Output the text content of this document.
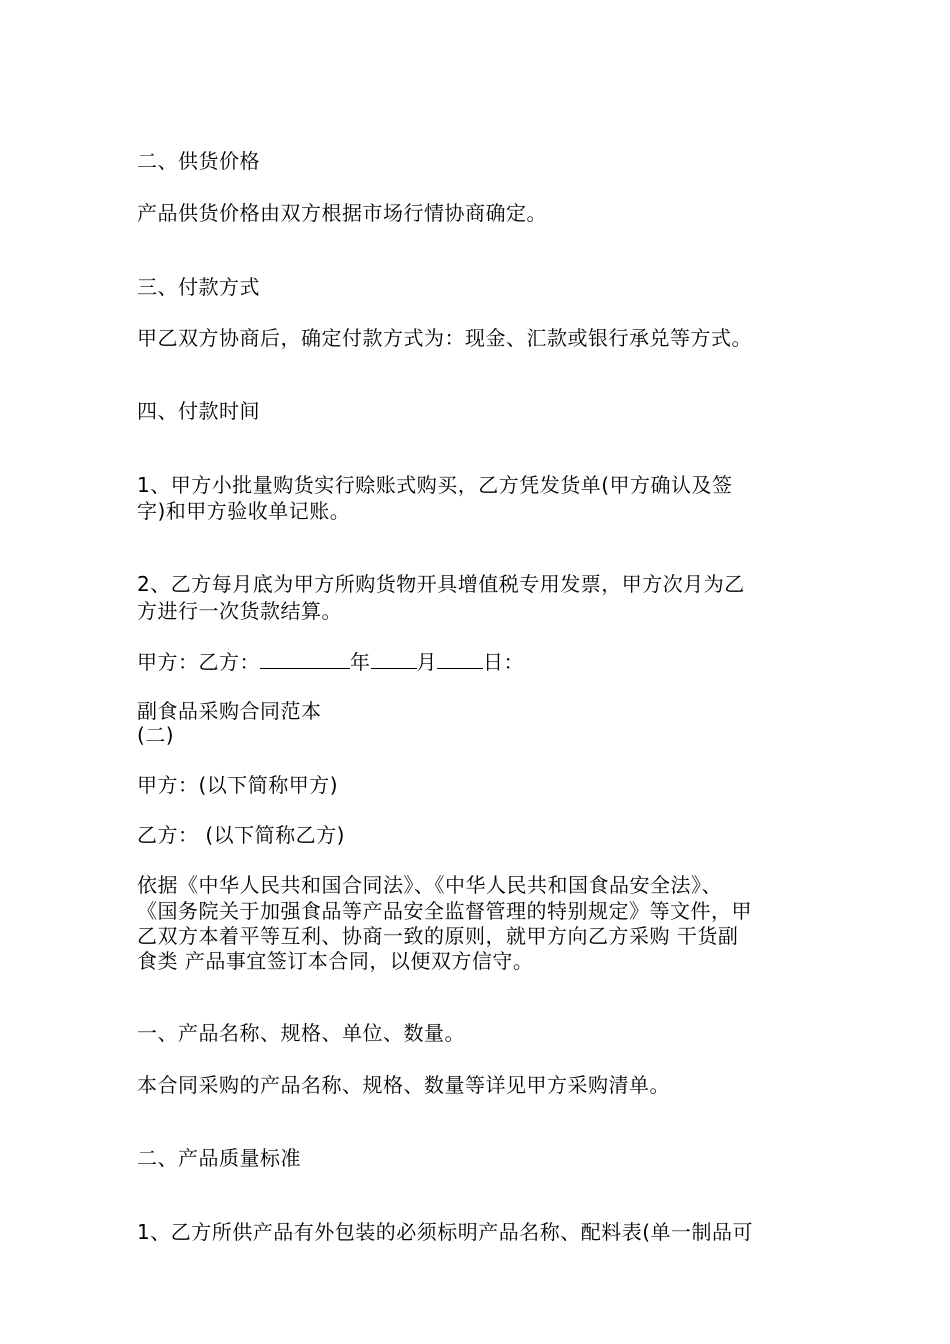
二、供货价格
产品供货价格由双方根据市场行情协商确定。
三、付款方式
甲乙双方协商后，确定付款方式为：现金、汇款或银行承兑等方式。
四、付款时间
1、甲方小批量购货实行赊账式购买，乙方凭发货单(甲方确认及签
字)和甲方验收单记账。
2、乙方每月底为甲方所购货物开具增值税专用发票，甲方次月为乙
方进行一次货款结算。
甲方：乙方：	年 月 日：
副食品采购合同范本
(二)
甲方：(以下简称甲方)
乙方： (以下简称乙方)
依据《中华人民共和国合同法》、《中华人民共和国食品安全法》、
《国务院关于加强食品等产品安全监督管理的特别规定》等文件，甲
乙双方本着平等互利、协商一致的原则，就甲方向乙方采购 干货副
食类 产品事宜签订本合同，以便双方信守。
一、产品名称、规格、单位、数量。
本合同采购的产品名称、规格、数量等详见甲方采购清单。
二、产品质量标准
1、乙方所供产品有外包装的必须标明产品名称、配料表(单一制品可
